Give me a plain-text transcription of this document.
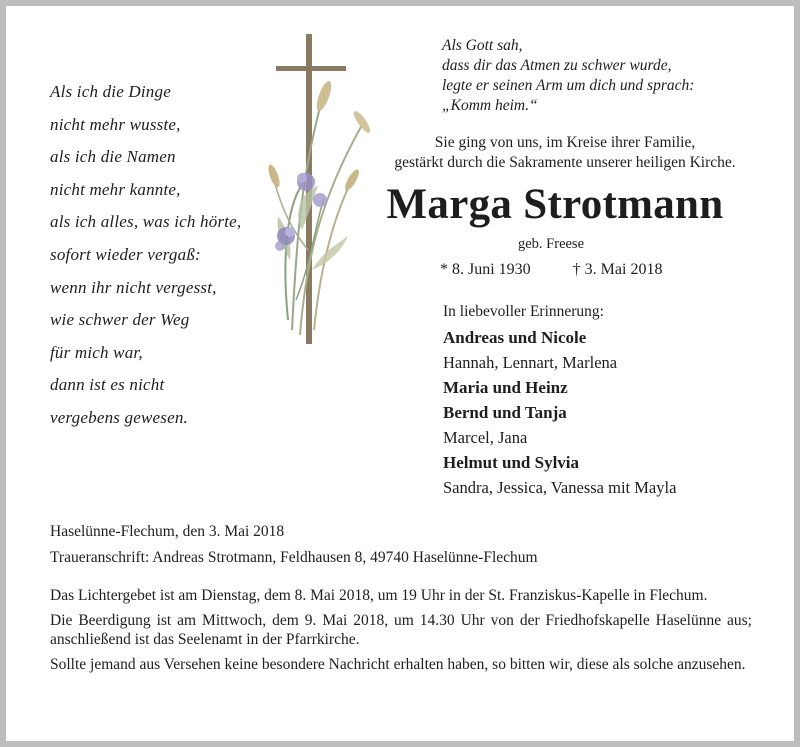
Als ich die Dinge
nicht mehr wusste,
als ich die Namen
nicht mehr kannte,
als ich alles, was ich hörte,
sofort wieder vergaß:
wenn ihr nicht vergesst,
wie schwer der Weg
für mich war,
dann ist es nicht
vergebens gewesen.
Als Gott sah,
dass dir das Atmen zu schwer wurde,
legte er seinen Arm um dich und sprach:
„Komm heim.“
Sie ging von uns, im Kreise ihrer Familie,
gestärkt durch die Sakramente unserer heiligen Kirche.
Marga Strotmann
geb. Freese
* 8. Juni 1930	† 3. Mai 2018
In liebevoller Erinnerung:
Andreas und Nicole
Hannah, Lennart, Marlena
Maria und Heinz
Bernd und Tanja
Marcel, Jana
Helmut und Sylvia
Sandra, Jessica, Vanessa mit Mayla
Haselünne-Flechum, den 3. Mai 2018
Traueranschrift: Andreas Strotmann, Feldhausen 8, 49740 Haselünne-Flechum

Das Lichtergebet ist am Dienstag, dem 8. Mai 2018, um 19 Uhr in der St. Franziskus-Kapelle in Flechum.

Die Beerdigung ist am Mittwoch, dem 9. Mai 2018, um 14.30 Uhr von der Friedhofskapelle Haselünne aus; anschließend ist das Seelenamt in der Pfarrkirche.

Sollte jemand aus Versehen keine besondere Nachricht erhalten haben, so bitten wir, diese als solche anzusehen.
